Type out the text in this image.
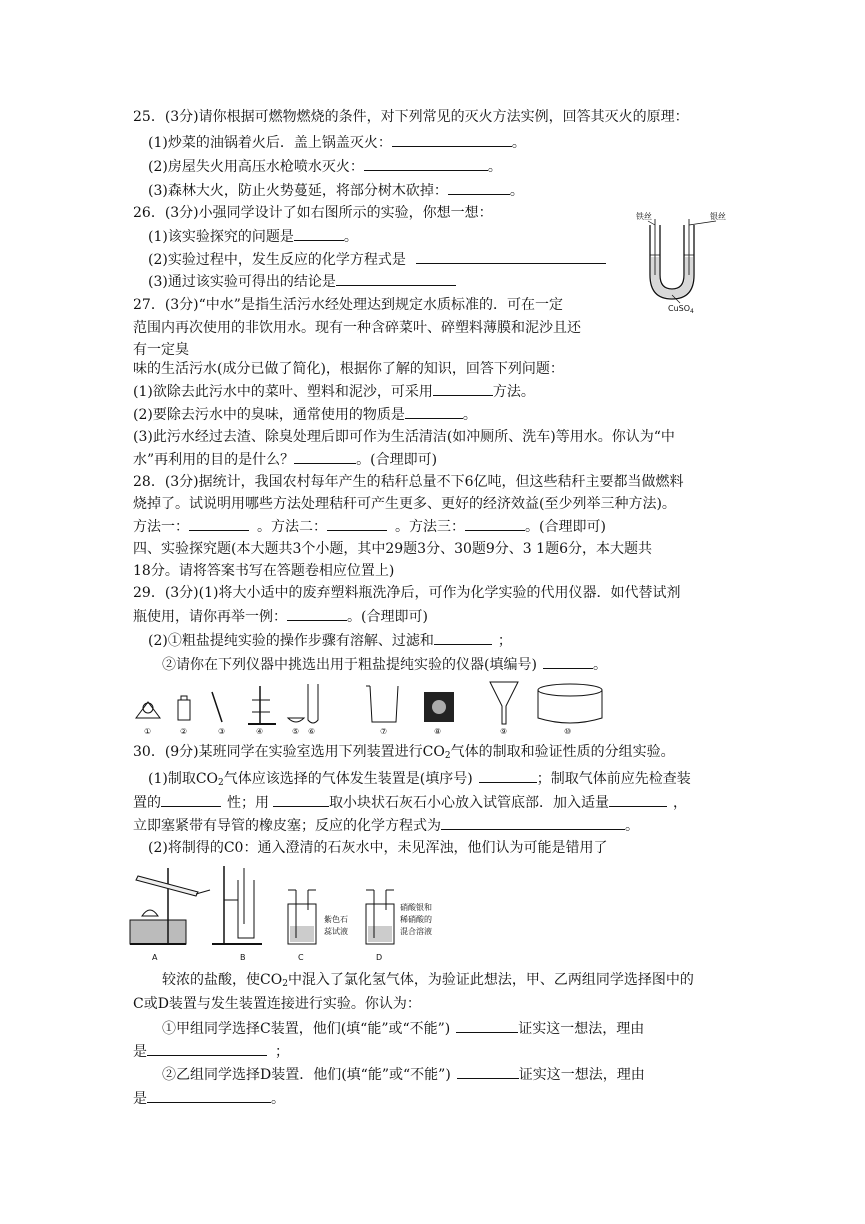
25．(3分)请你根据可燃物燃烧的条件，对下列常见的灭火方法实例，回答其灭火的原理：
(1)炒菜的油锅着火后．盖上锅盖灭火：	。
(2)房屋失火用高压水枪喷水灭火：	。
(3)森林大火，防止火势蔓延，将部分树木砍掉：	。
26．(3分)小强同学设计了如右图所示的实验，你想一想：
(1)该实验探究的问题是	。
(2)实验过程中，发生反应的化学方程式是
(3)通过该实验可得出的结论是
铁丝	银丝
CuSO$_4$
27．(3分)“中水”是指生活污水经处理达到规定水质标准的．可在一定
范围内再次使用的非饮用水。现有一种含碎菜叶、碎塑料薄膜和泥沙且还
有一定臭
味的生活污水(成分已做了简化)，根据你了解的知识，回答下列问题：
(1)欲除去此污水中的菜叶、塑料和泥沙，可采用	方法。
(2)要除去污水中的臭味，通常使用的物质是	。
(3)此污水经过去渣、除臭处理后即可作为生活清洁(如冲厕所、洗车)等用水。你认为“中
水”再利用的目的是什么？	。(合理即可)
28．(3分)据统计，我国农村每年产生的秸秆总量不下6亿吨，但这些秸秆主要都当做燃料
烧掉了。试说明用哪些方法处理秸秆可产生更多、更好的经济效益(至少列举三种方法)。
方法一：	。方法二：	。方法三：	。(合理即可)
四、实验探究题(本大题共3个小题，其中29题3分、30题9分、3 1题6分，本大题共
18分。请将答案书写在答题卷相应位置上)
29．(3分)(1)将大小适中的废弃塑料瓶洗净后，可作为化学实验的代用仪器．如代替试剂
瓶使用，请你再举一例：	。(合理即可)
(2)①粗盐提纯实验的操作步骤有溶解、过滤和	；
②请你在下列仪器中挑选出用于粗盐提纯实验的仪器(填编号)	。
①	②	③	④	⑤ ⑥	⑦	⑧	⑨	⑩
30．(9分)某班同学在实验室选用下列装置进行$CO_2$气体的制取和验证性质的分组实验。
(1)制取$CO_2$气体应该选择的气体发生装置是(填序号)	；制取气体前应先检查装
置的	性；用	取小块状石灰石小心放入试管底部．加入适量	，
立即塞紧带有导管的橡皮塞；反应的化学方程式为	。
(2)将制得的C0：通入澄清的石灰水中，未见浑浊，他们认为可能是错用了
A	B
紫色石
蕊试液
C
硝酸银和
稀硝酸的
混合溶液
D
较浓的盐酸，使$CO_2$中混入了氯化氢气体，为验证此想法，甲、乙两组同学选择图中的
C或D装置与发生装置连接进行实验。你认为：
①甲组同学选择C装置，他们(填“能”或“不能”)	证实这一想法，理由
是	；
②乙组同学选择D装置．他们(填“能”或“不能”)	证实这一想法，理由
是	。
